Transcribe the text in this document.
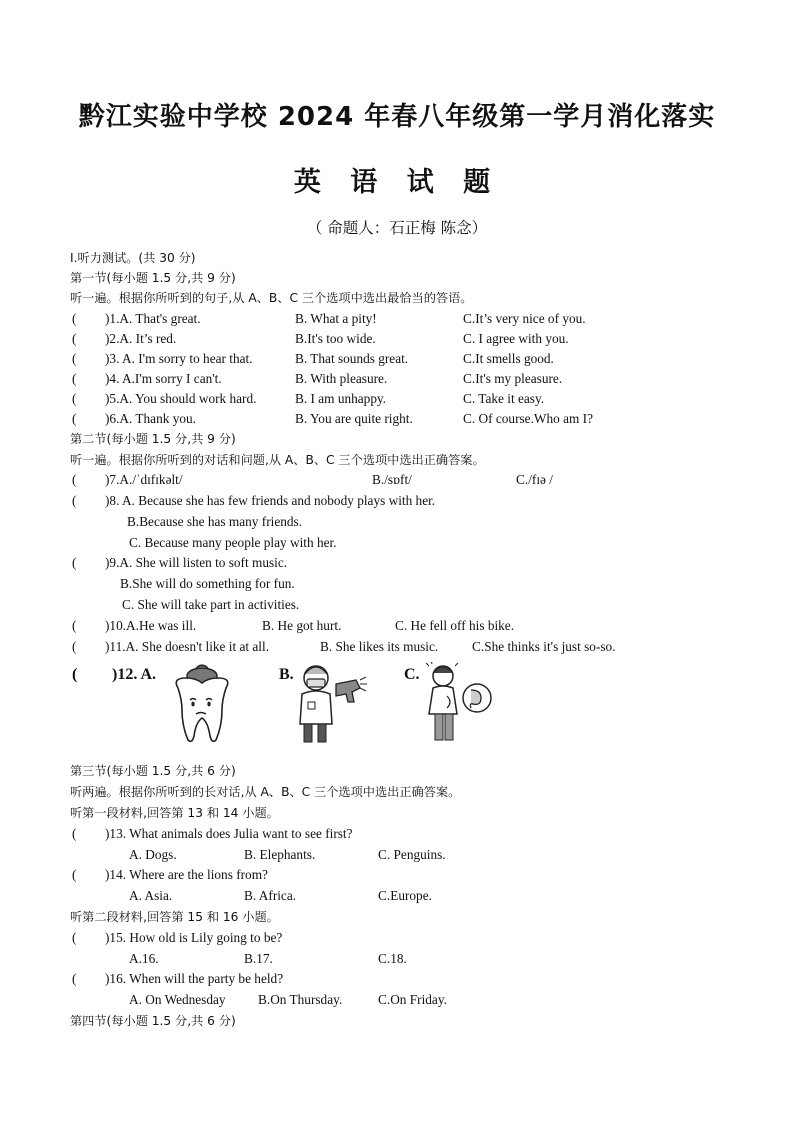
黔江实验中学校 2024 年春八年级第一学月消化落实
英 语 试 题
（ 命题人：石正梅 陈念）
I.听力测试。(共 30 分)
第一节(每小题 1.5 分,共 9 分)
听一遍。根据你所听到的句子,从 A、B、C 三个选项中选出最恰当的答语。
( )1.A. That's great.	B. What a pity!	C.It’s very nice of you.
( )2.A. It’s red.	B.It's too wide.	C. I agree with you.
( )3. A. I'm sorry to hear that.	B. That sounds great.	C.It smells good.
( )4. A.I'm sorry I can't.	B. With pleasure.	C.It's my pleasure.
( )5.A. You should work hard.	B. I am unhappy.	C. Take it easy.
( )6.A. Thank you.	B. You are quite right.	C. Of course.Who am I?
第二节(每小题 1.5 分,共 9 分)
听一遍。根据你所听到的对话和问题,从 A、B、C 三个选项中选出正确答案。
( )7.A./ˈdɪfɪkəlt/	B./sɒft/	C./fɪə /
( )8. A. Because she has few friends and nobody plays with her.
B.Because she has many friends.
C. Because many people play with her.
( )9.A. She will listen to soft music.
B.She will do something for fun.
C. She will take part in activities.
( )10.A.He was ill.	B. He got hurt.	C. He fell off his bike.
( )11.A. She doesn't like it at all.	B. She likes its music.	C.She thinks it's just so-so.
( )12. A.	B.	C.
第三节(每小题 1.5 分,共 6 分)
听两遍。根据你所听到的长对话,从 A、B、C 三个选项中选出正确答案。
听第一段材料,回答第 13 和 14 小题。
( )13. What animals does Julia want to see first?
A. Dogs.	B. Elephants.	C. Penguins.
( )14. Where are the lions from?
A. Asia.	B. Africa.	C.Europe.
听第二段材料,回答第 15 和 16 小题。
( )15. How old is Lily going to be?
A.16.	B.17.	C.18.
( )16. When will the party be held?
A. On Wednesday B.On Thursday.	C.On Friday.
第四节(每小题 1.5 分,共 6 分)
